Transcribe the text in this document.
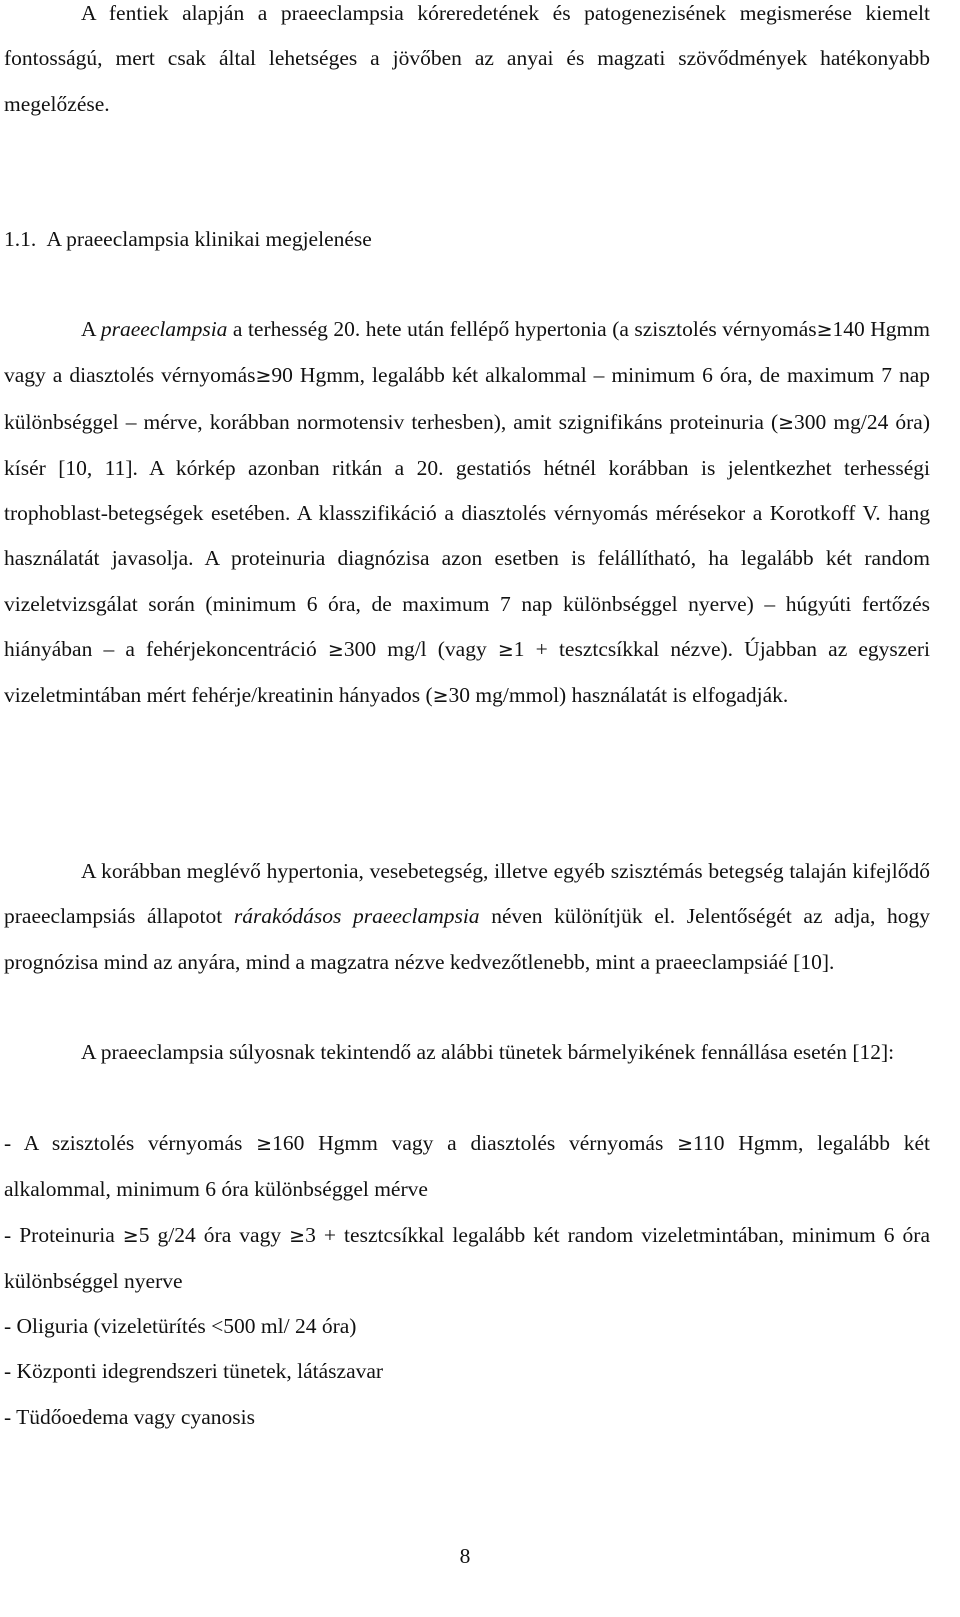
A fentiek alapján a praeeclampsia kóreredetének és patogenezisének megismerése kiemelt fontosságú, mert csak által lehetséges a jövőben az anyai és magzati szövődmények hatékonyabb megelőzése.

1.1. A praeeclampsia klinikai megjelenése

A praeeclampsia a terhesség 20. hete után fellépő hypertonia (a szisztolés vérnyomás≥140 Hgmm vagy a diasztolés vérnyomás≥90 Hgmm, legalább két alkalommal – minimum 6 óra, de maximum 7 nap különbséggel – mérve, korábban normotensiv terhesben), amit szignifikáns proteinuria (≥300 mg/24 óra) kísér [10, 11]. A kórkép azonban ritkán a 20. gestatiós hétnél korábban is jelentkezhet terhességi trophoblast-betegségek esetében. A klasszifikáció a diasztolés vérnyomás mérésekor a Korotkoff V. hang használatát javasolja. A proteinuria diagnózisa azon esetben is felállítható, ha legalább két random vizeletvizsgálat során (minimum 6 óra, de maximum 7 nap különbséggel nyerve) – húgyúti fertőzés hiányában – a fehérjekoncentráció ≥300 mg/l (vagy ≥1 + tesztcsíkkal nézve). Újabban az egyszeri vizeletmintában mért fehérje/kreatinin hányados (≥30 mg/mmol) használatát is elfogadják.

A korábban meglévő hypertonia, vesebetegség, illetve egyéb szisztémás betegség talaján kifejlődő praeeclampsiás állapotot rárakódásos praeeclampsia néven különítjük el. Jelentőségét az adja, hogy prognózisa mind az anyára, mind a magzatra nézve kedvezőtlenebb, mint a praeeclampsiáé [10].

A praeeclampsia súlyosnak tekintendő az alábbi tünetek bármelyikének fennállása esetén [12]:

- A szisztolés vérnyomás ≥160 Hgmm vagy a diasztolés vérnyomás ≥110 Hgmm, legalább két alkalommal, minimum 6 óra különbséggel mérve

- Proteinuria ≥5 g/24 óra vagy ≥3 + tesztcsíkkal legalább két random vizeletmintában, minimum 6 óra különbséggel nyerve

- Oliguria (vizeletürítés <500 ml/ 24 óra)

- Központi idegrendszeri tünetek, látászavar

- Tüdőoedema vagy cyanosis

8
